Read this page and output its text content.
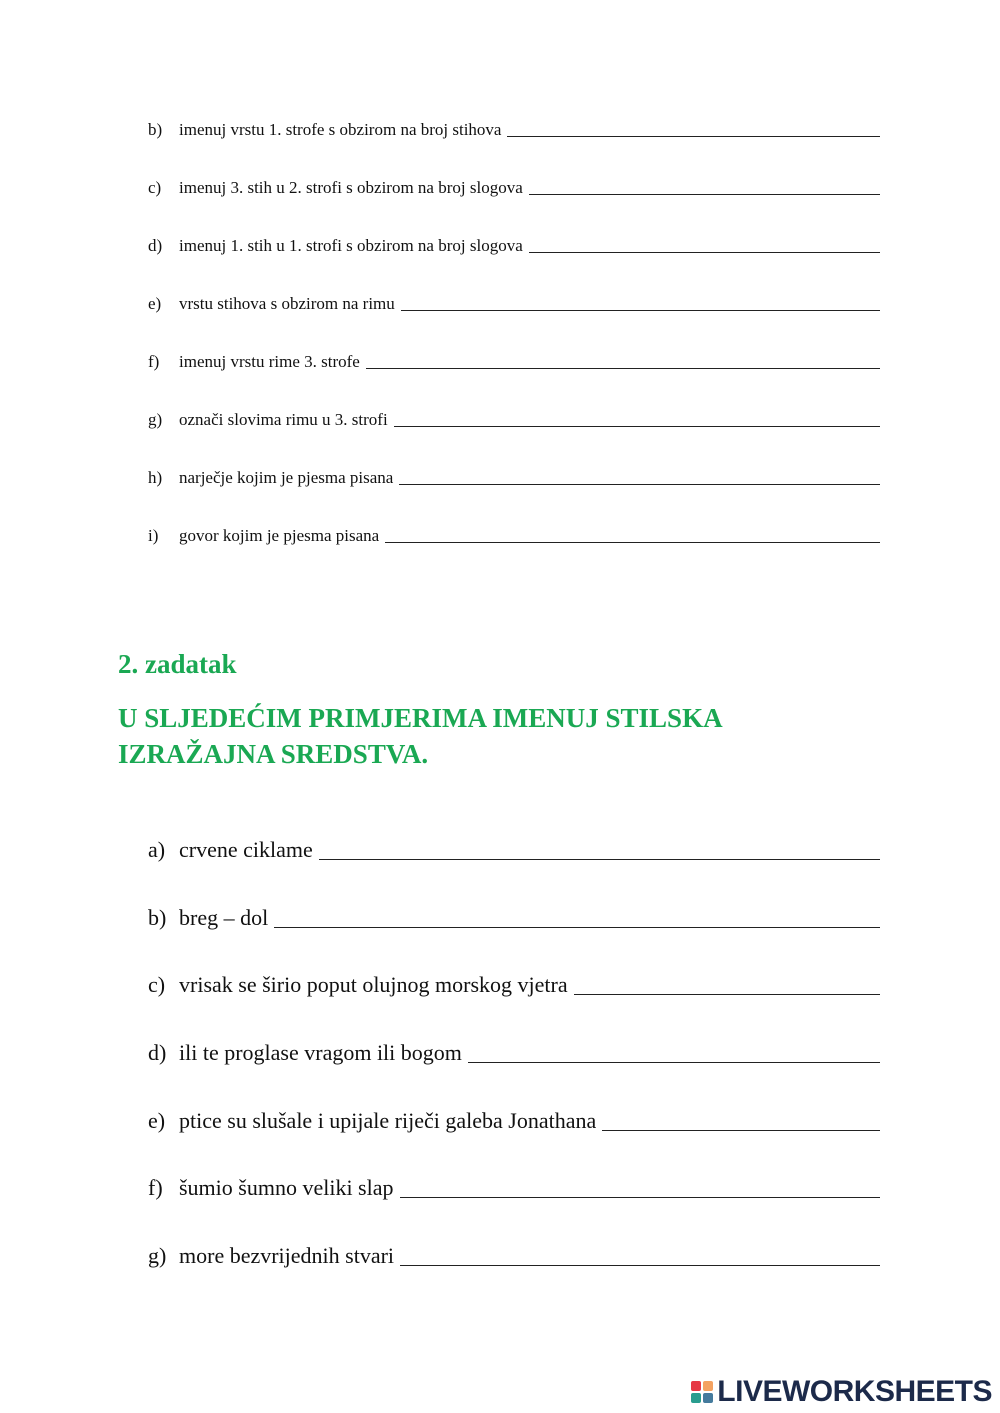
b) imenuj vrstu 1. strofe s obzirom na broj stihova
c)	imenuj 3. stih u 2. strofi s obzirom na broj slogova
d) imenuj 1. stih u 1. strofi s obzirom na broj slogova
e)	vrstu stihova s obzirom na rimu
f)	imenuj vrstu rime 3. strofe
g) označi slovima rimu u 3. strofi
h) narječje kojim je pjesma pisana
i)	govor kojim je pjesma pisana
2. zadatak
U SLJEDEĆIM PRIMJERIMA IMENUJ STILSKA IZRAŽAJNA SREDSTVA.
a) crvene ciklame
b) breg – dol
c) vrisak se širio poput olujnog morskog vjetra
d) ili te proglase vragom ili bogom
e) ptice su slušale i upijale riječi galeba Jonathana
f) šumio šumno veliki slap
g) more bezvrijednih stvari
LIVEWORKSHEETS
